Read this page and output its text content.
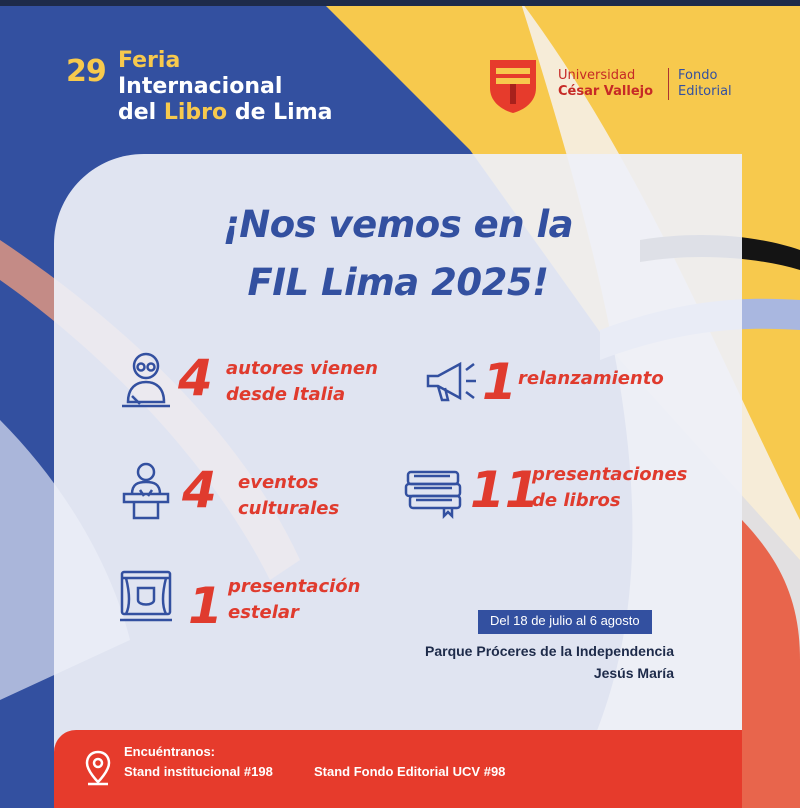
29 Feria
Internacional
del Libro de Lima
Universidad
César Vallejo
Fondo
Editorial
¡Nos vemos en la
FIL Lima 2025!
4 autores vienen
desde Italia	1 relanzamiento
4 eventos
culturales	11
presentaciones
de libros
1 presentación
estelar	Del 18 de julio al 6 agosto
Parque Próceres de la Independencia
Jesús María
Encuéntranos:
Stand institucional #198	Stand Fondo Editorial UCV #98
